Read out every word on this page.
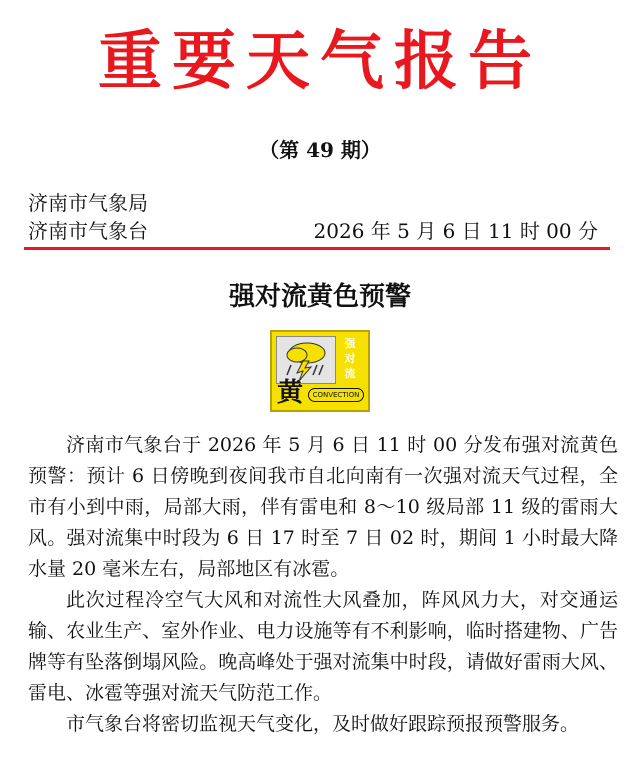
重要天气报告
（第 49 期）
济南市气象局
济南市气象台	2026 年 5 月 6 日 11 时 00 分
强对流黄色预警
强
对
流
黄	CONVECTION

济南市气象台于 2026 年 5 月 6 日 11 时 00 分发布强对流黄色预警：预计 6 日傍晚到夜间我市自北向南有一次强对流天气过程，全市有小到中雨，局部大雨，伴有雷电和 8～10 级局部 11 级的雷雨大风。强对流集中时段为 6 日 17 时至 7 日 02 时，期间 1 小时最大降水量 20 毫米左右，局部地区有冰雹。

此次过程冷空气大风和对流性大风叠加，阵风风力大，对交通运输、农业生产、室外作业、电力设施等有不利影响，临时搭建物、广告牌等有坠落倒塌风险。晚高峰处于强对流集中时段，请做好雷雨大风、雷电、冰雹等强对流天气防范工作。

市气象台将密切监视天气变化，及时做好跟踪预报预警服务。
